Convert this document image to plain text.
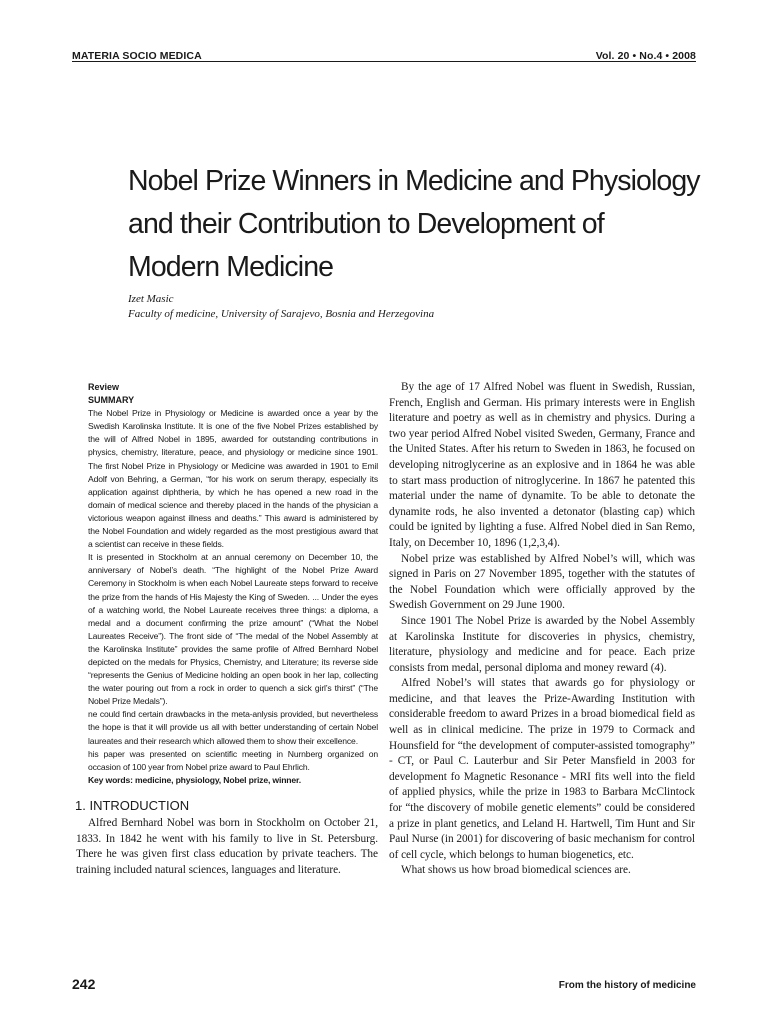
MATERIA SOCIO MEDICA	Vol. 20 • No.4 • 2008
Nobel Prize Winners in Medicine and Physiology
and their Contribution to Development of
Modern Medicine
Izet Masic
Faculty of medicine, University of Sarajevo, Bosnia and Herzegovina
Review
SUMMARY

The Nobel Prize in Physiology or Medicine is awarded once a year by the Swedish Karolinska Institute. It is one of the five Nobel Prizes established by the will of Alfred Nobel in 1895, awarded for outstanding contributions in physics, chemistry, literature, peace, and physiology or medicine since 1901. The first Nobel Prize in Physiology or Medicine was awarded in 1901 to Emil Adolf von Behring, a German, “for his work on serum therapy, especially its application against diphtheria, by which he has opened a new road in the domain of medical science and thereby placed in the hands of the physician a victorious weapon against illness and deaths.” This award is administered by the Nobel Foundation and widely regarded as the most prestigious award that a scientist can receive in these fields.

It is presented in Stockholm at an annual ceremony on December 10, the anniversary of Nobel’s death. “The highlight of the Nobel Prize Award Ceremony in Stockholm is when each Nobel Laureate steps forward to receive the prize from the hands of His Majesty the King of Sweden. ... Under the eyes of a watching world, the Nobel Laureate receives three things: a diploma, a medal and a document confirming the prize amount” (“What the Nobel Laureates Receive”). The front side of “The medal of the Nobel Assembly at the Karolinska Institute” provides the same profile of Alfred Bernhard Nobel depicted on the medals for Physics, Chemistry, and Literature; its reverse side “represents the Genius of Medicine holding an open book in her lap, collecting the water pouring out from a rock in order to quench a sick girl’s thirst” (“The Nobel Prize Medals”).

ne could find certain drawbacks in the meta-anlysis provided, but nevertheless the hope is that it will provide us all with better understanding of certain Nobel laureates and their research which allowed them to show their excellence.

his paper was presented on scientific meeting in Nurnberg organized on occasion of 100 year from Nobel prize award to Paul Ehrlich.

Key words: medicine, physiology, Nobel prize, winner.

1. INTRODUCTION

Alfred Bernhard Nobel was born in Stockholm on October 21, 1833. In 1842 he went with his family to live in St. Petersburg. There he was given first class education by private teachers. The training included natural sciences, languages and literature.

By the age of 17 Alfred Nobel was fluent in Swedish, Russian, French, English and German. His primary interests were in English literature and poetry as well as in chemistry and physics. During a two year period Alfred Nobel visited Sweden, Germany, France and the United States. After his return to Sweden in 1863, he focused on developing nitroglycerine as an explosive and in 1864 he was able to start mass production of nitroglycerine. In 1867 he patented this material under the name of dynamite. To be able to detonate the dynamite rods, he also invented a detonator (blasting cap) which could be ignited by lighting a fuse. Alfred Nobel died in San Remo, Italy, on December 10, 1896 (1,2,3,4).

Nobel prize was established by Alfred Nobel’s will, which was signed in Paris on 27 November 1895, together with the statutes of the Nobel Foundation which were officially approved by the Swedish Government on 29 June 1900.

Since 1901 The Nobel Prize is awarded by the Nobel Assembly at Karolinska Institute for discoveries in physics, chemistry, literature, physiology and medicine and for peace. Each prize consists from medal, personal diploma and money reward (4).

Alfred Nobel’s will states that awards go for physiology or medicine, and that leaves the Prize-Awarding Institution with considerable freedom to award Prizes in a broad biomedical field as well as in clinical medicine. The prize in 1979 to Cormack and Hounsfield for “the development of computer-assisted tomography” - CT, or Paul C. Lauterbur and Sir Peter Mansfield in 2003 for development fo Magnetic Resonance - MRI fits well into the field of applied physics, while the prize in 1983 to Barbara McClintock for “the discovery of mobile genetic elements” could be considered a prize in plant genetics, and Leland H. Hartwell, Tim Hunt and Sir Paul Nurse (in 2001) for discovering of basic mechanism for control of cell cycle, which belongs to human biogenetics, etc.

What shows us how broad biomedical sciences are.

242	From the history of medicine
